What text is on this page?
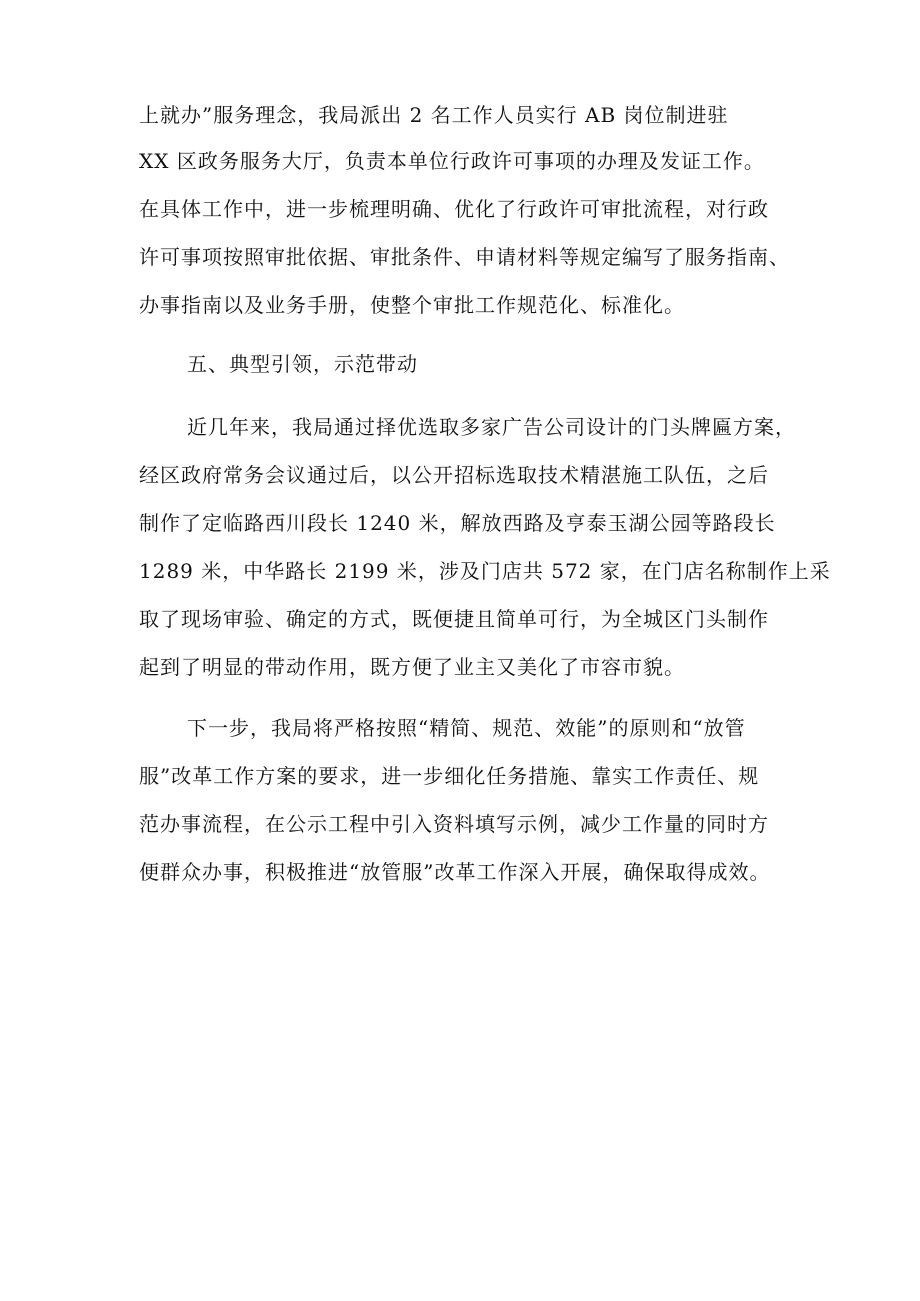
上就办”服务理念，我局派出 2 名工作人员实行 AB 岗位制进驻
XX 区政务服务大厅，负责本单位行政许可事项的办理及发证工作。
在具体工作中，进一步梳理明确、优化了行政许可审批流程，对行政
许可事项按照审批依据、审批条件、申请材料等规定编写了服务指南、
办事指南以及业务手册，使整个审批工作规范化、标准化。
五、典型引领，示范带动
近几年来，我局通过择优选取多家广告公司设计的门头牌匾方案，
经区政府常务会议通过后，以公开招标选取技术精湛施工队伍，之后
制作了定临路西川段长 1240 米，解放西路及亨泰玉湖公园等路段长
1289 米，中华路长 2199 米，涉及门店共 572 家，在门店名称制作上采
取了现场审验、确定的方式，既便捷且简单可行，为全城区门头制作
起到了明显的带动作用，既方便了业主又美化了市容市貌。
下一步，我局将严格按照“精简、规范、效能”的原则和“放管
服”改革工作方案的要求，进一步细化任务措施、靠实工作责任、规
范办事流程，在公示工程中引入资料填写示例，减少工作量的同时方
便群众办事，积极推进“放管服”改革工作深入开展，确保取得成效。
